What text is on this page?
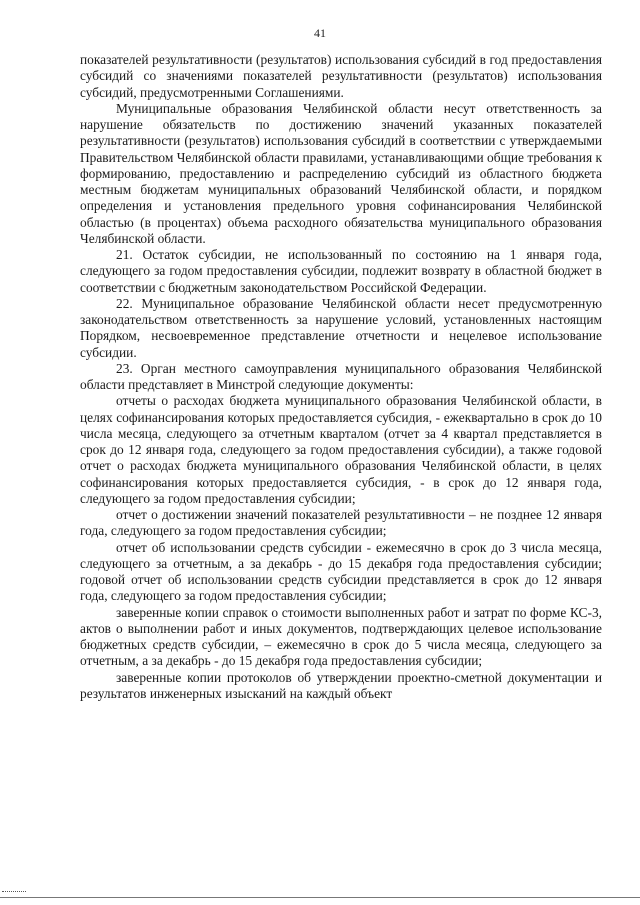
41

показателей результативности (результатов) использования субсидий в год предоставления субсидий со значениями показателей результативности (результатов) использования субсидий, предусмотренными Соглашениями.

Муниципальные образования Челябинской области несут ответственность за нарушение обязательств по достижению значений указанных показателей результативности (результатов) использования субсидий в соответствии с утверждаемыми Правительством Челябинской области правилами, устанавливающими общие требования к формированию, предоставлению и распределению субсидий из областного бюджета местным бюджетам муниципальных образований Челябинской области, и порядком определения и установления предельного уровня софинансирования Челябинской областью (в процентах) объема расходного обязательства муниципального образования Челябинской области.

21. Остаток субсидии, не использованный по состоянию на 1 января года, следующего за годом предоставления субсидии, подлежит возврату в областной бюджет в соответствии с бюджетным законодательством Российской Федерации.

22. Муниципальное образование Челябинской области несет предусмотренную законодательством ответственность за нарушение условий, установленных настоящим Порядком, несвоевременное представление отчетности и нецелевое использование субсидии.

23. Орган местного самоуправления муниципального образования Челябинской области представляет в Минстрой следующие документы:

отчеты о расходах бюджета муниципального образования Челябинской области, в целях софинансирования которых предоставляется субсидия, - ежеквартально в срок до 10 числа месяца, следующего за отчетным кварталом (отчет за 4 квартал представляется в срок до 12 января года, следующего за годом предоставления субсидии), а также годовой отчет о расходах бюджета муниципального образования Челябинской области, в целях софинансирования которых предоставляется субсидия, - в срок до 12 января года, следующего за годом предоставления субсидии;

отчет о достижении значений показателей результативности – не позднее 12 января года, следующего за годом предоставления субсидии;

отчет об использовании средств субсидии - ежемесячно в срок до 3 числа месяца, следующего за отчетным, а за декабрь - до 15 декабря года предоставления субсидии; годовой отчет об использовании средств субсидии представляется в срок до 12 января года, следующего за годом предоставления субсидии;

заверенные копии справок о стоимости выполненных работ и затрат по форме КС-3, актов о выполнении работ и иных документов, подтверждающих целевое использование бюджетных средств субсидии, – ежемесячно в срок до 5 числа месяца, следующего за отчетным, а за декабрь - до 15 декабря года предоставления субсидии;

заверенные копии протоколов об утверждении проектно-сметной документации и результатов инженерных изысканий на каждый объект
